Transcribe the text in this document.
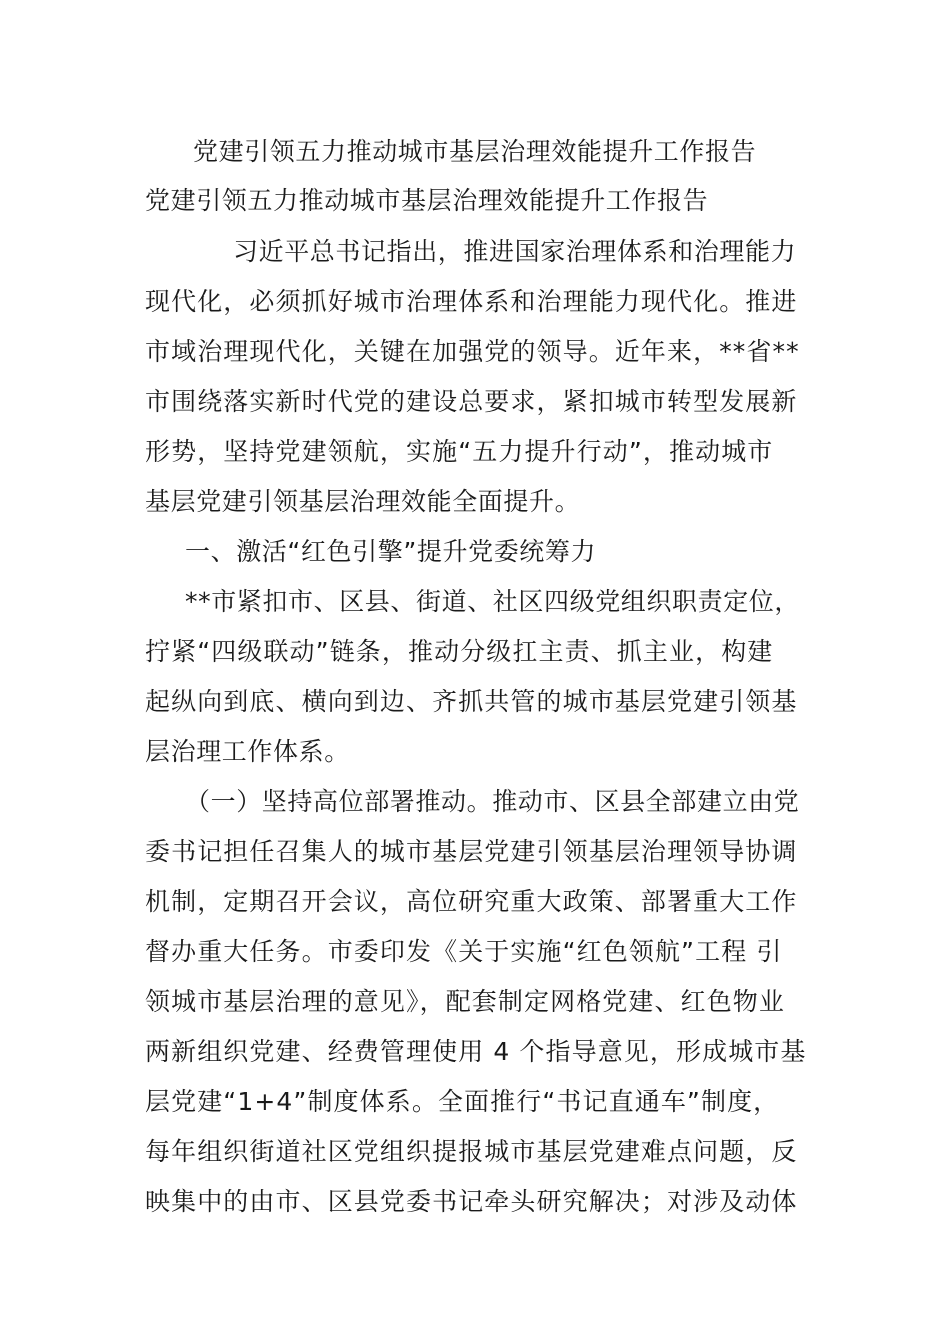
党建引领五力推动城市基层治理效能提升工作报告

党建引领五力推动城市基层治理效能提升工作报告

习近平总书记指出，推进国家治理体系和治理能力

现代化，必须抓好城市治理体系和治理能力现代化。推进

市域治理现代化，关键在加强党的领导。近年来，**省**

市围绕落实新时代党的建设总要求，紧扣城市转型发展新

形势，坚持党建领航，实施“五力提升行动”，推动城市

基层党建引领基层治理效能全面提升。

一、激活“红色引擎”提升党委统筹力

**市紧扣市、区县、街道、社区四级党组织职责定位，

拧紧“四级联动”链条，推动分级扛主责、抓主业，构建

起纵向到底、横向到边、齐抓共管的城市基层党建引领基

层治理工作体系。

（一）坚持高位部署推动。推动市、区县全部建立由党

委书记担任召集人的城市基层党建引领基层治理领导协调

机制，定期召开会议，高位研究重大政策、部署重大工作

督办重大任务。市委印发《关于实施“红色领航”工程 引

领城市基层治理的意见》，配套制定网格党建、红色物业

两新组织党建、经费管理使用 4 个指导意见，形成城市基

层党建“1+4”制度体系。全面推行“书记直通车”制度，

每年组织街道社区党组织提报城市基层党建难点问题，反

映集中的由市、区县党委书记牵头研究解决；对涉及动体
